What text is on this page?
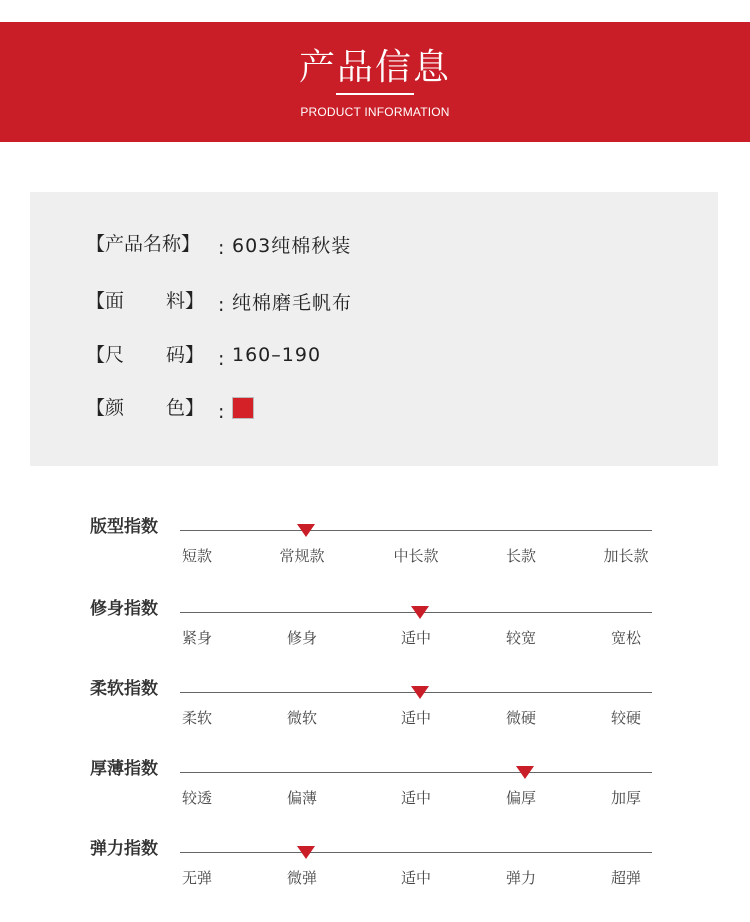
产品信息
PRODUCT INFORMATION
【产品名称】 : 603纯棉秋装
【面 料】 : 纯棉磨毛帆布
【尺 码】 : 160–190
【颜 色】 :
版型指数
短款	常规款	中长款	长款	加长款
修身指数
紧身	修身	适中	较宽	宽松
柔软指数
柔软	微软	适中	微硬	较硬
厚薄指数
较透	偏薄	适中	偏厚	加厚
弹力指数
无弹	微弹	适中	弹力	超弹
